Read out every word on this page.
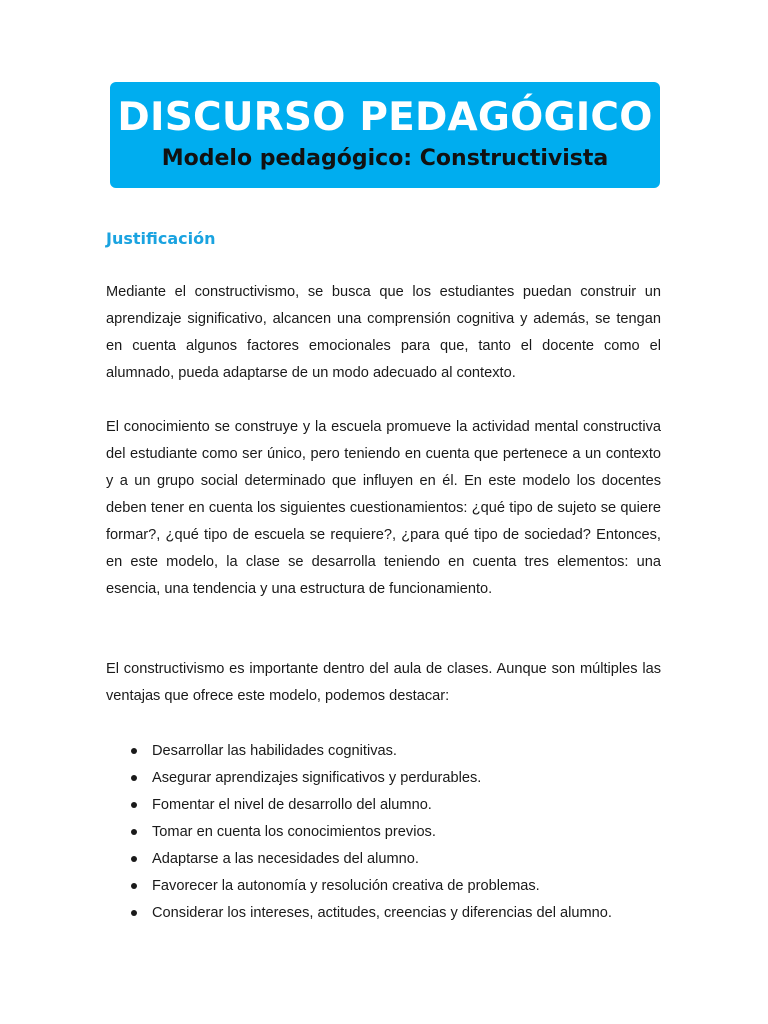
DISCURSO PEDAGÓGICO
Modelo pedagógico: Constructivista
Justificación

Mediante el constructivismo, se busca que los estudiantes puedan construir un aprendizaje significativo, alcancen una comprensión cognitiva y además, se tengan en cuenta algunos factores emocionales para que, tanto el docente como el alumnado, pueda adaptarse de un modo adecuado al contexto.

El conocimiento se construye y la escuela promueve la actividad mental constructiva del estudiante como ser único, pero teniendo en cuenta que pertenece a un contexto y a un grupo social determinado que influyen en él. En este modelo los docentes deben tener en cuenta los siguientes cuestionamientos: ¿qué tipo de sujeto se quiere formar?, ¿qué tipo de escuela se requiere?, ¿para qué tipo de sociedad? Entonces, en este modelo, la clase se desarrolla teniendo en cuenta tres elementos: una esencia, una tendencia y una estructura de funcionamiento.

El constructivismo es importante dentro del aula de clases. Aunque son múltiples las ventajas que ofrece este modelo, podemos destacar:

Desarrollar las habilidades cognitivas.
Asegurar aprendizajes significativos y perdurables.
Fomentar el nivel de desarrollo del alumno.
Tomar en cuenta los conocimientos previos.
Adaptarse a las necesidades del alumno.
Favorecer la autonomía y resolución creativa de problemas.
Considerar los intereses, actitudes, creencias y diferencias del alumno.
